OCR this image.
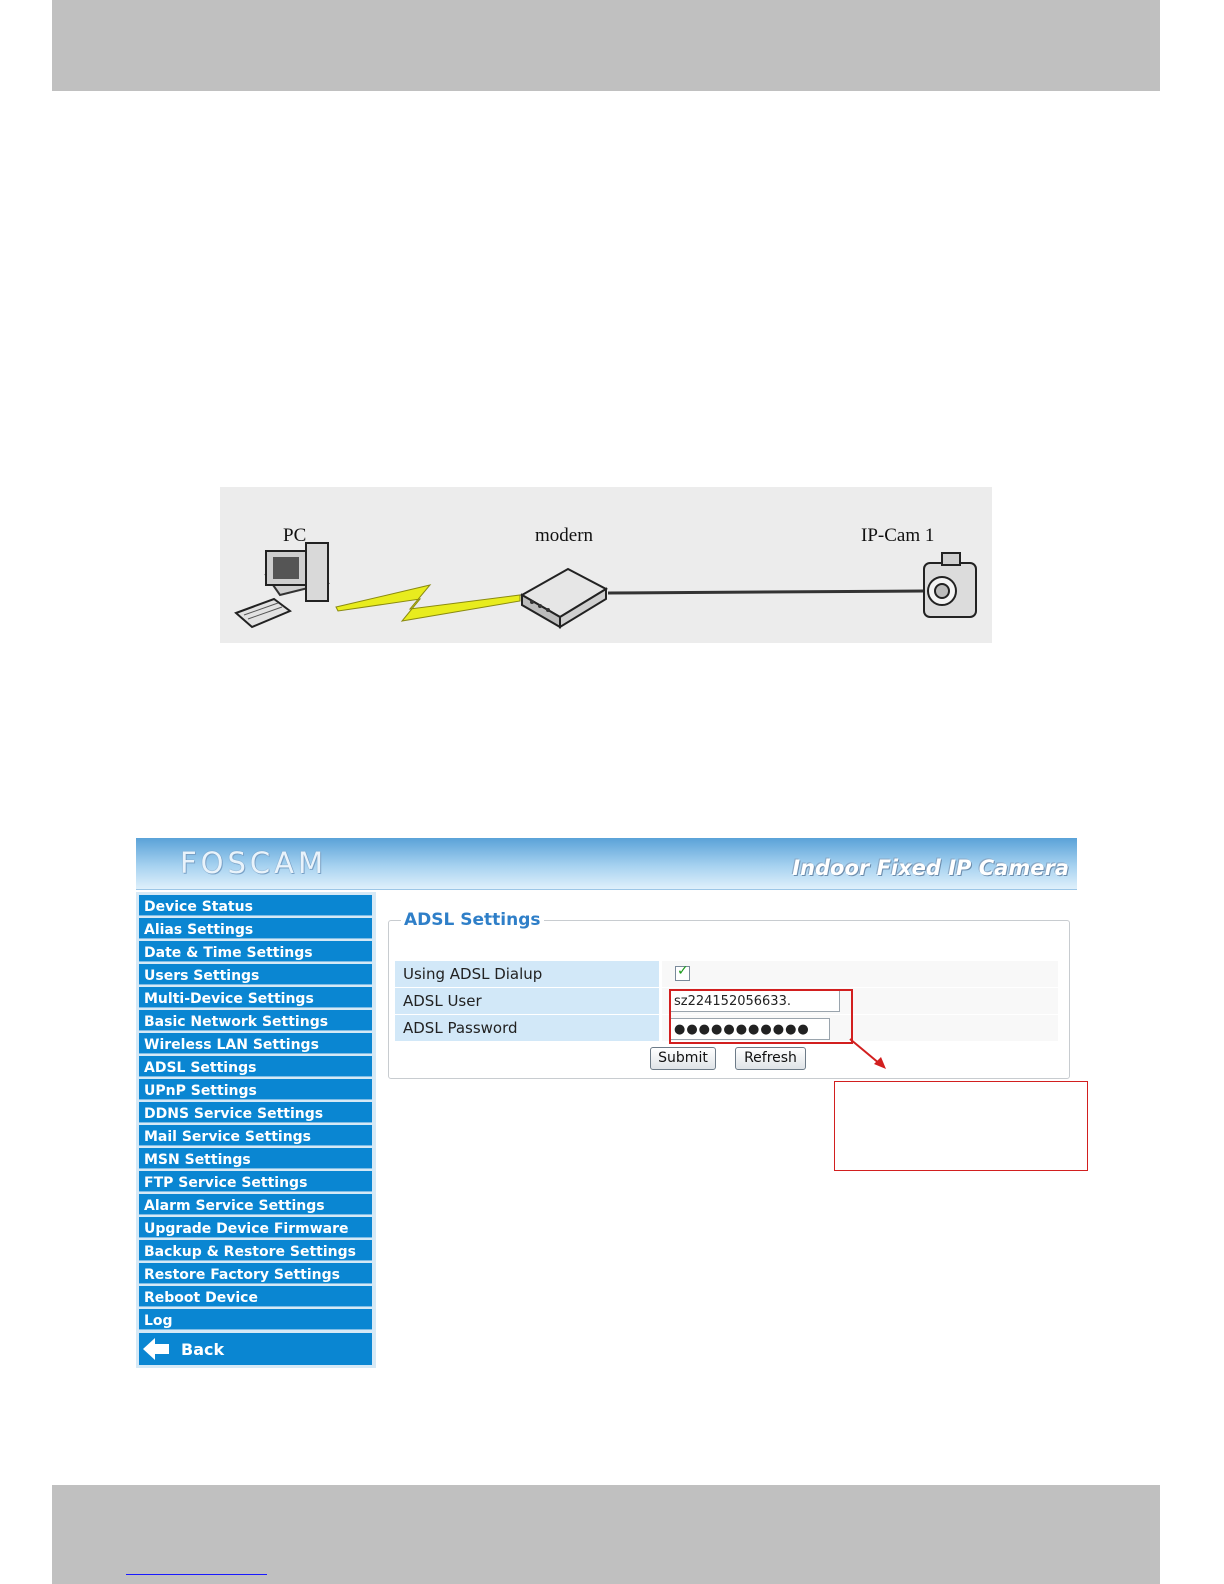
PC	modern	IP-Cam 1
FOSCAM	Indoor Fixed IP Camera
Device Status
Alias Settings
Date & Time Settings
Users Settings
Multi-Device Settings
Basic Network Settings
Wireless LAN Settings
ADSL Settings
UPnP Settings
DDNS Service Settings
Mail Service Settings
MSN Settings
FTP Service Settings
Alarm Service Settings
Upgrade Device Firmware
Backup & Restore Settings
Restore Factory Settings
Reboot Device
Log
Back
ADSL Settings
Using ADSL Dialup	✓
ADSL User	sz224152056633.
ADSL Password	●●●●●●●●●●●
Submit	Refresh
